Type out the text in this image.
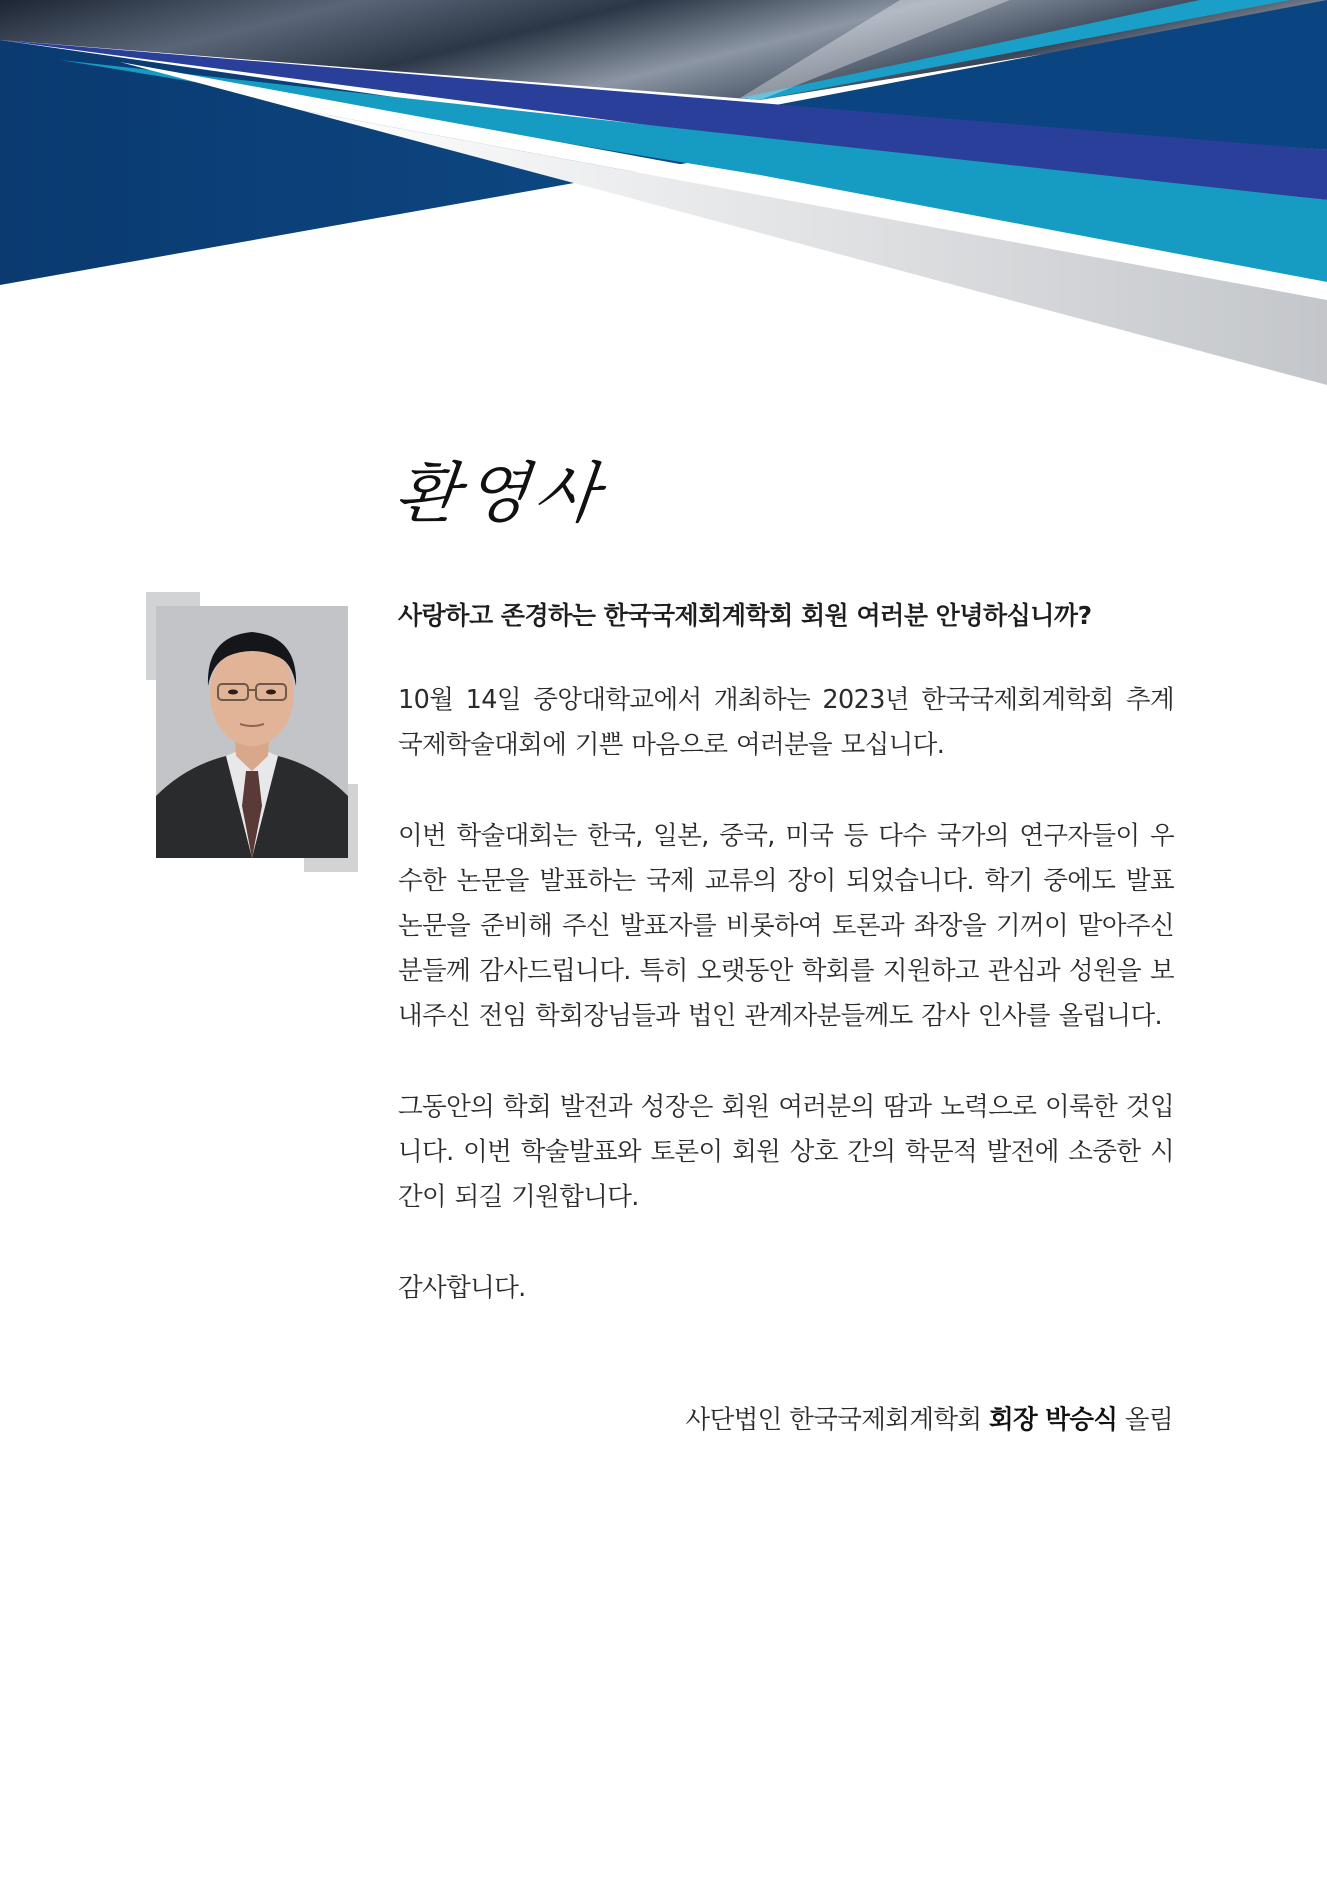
환영사

사랑하고 존경하는 한국국제회계학회 회원 여러분 안녕하십니까?

10월 14일 중앙대학교에서 개최하는 2023년 한국국제회계학회 추계국제학술대회에 기쁜 마음으로 여러분을 모십니다.

이번 학술대회는 한국, 일본, 중국, 미국 등 다수 국가의 연구자들이 우수한 논문을 발표하는 국제 교류의 장이 되었습니다. 학기 중에도 발표 논문을 준비해 주신 발표자를 비롯하여 토론과 좌장을 기꺼이 맡아주신 분들께 감사드립니다. 특히 오랫동안 학회를 지원하고 관심과 성원을 보내주신 전임 학회장님들과 법인 관계자분들께도 감사 인사를 올립니다.

그동안의 학회 발전과 성장은 회원 여러분의 땀과 노력으로 이룩한 것입니다. 이번 학술발표와 토론이 회원 상호 간의 학문적 발전에 소중한 시간이 되길 기원합니다.

감사합니다.

사단법인 한국국제회계학회 회장 박승식 올림
